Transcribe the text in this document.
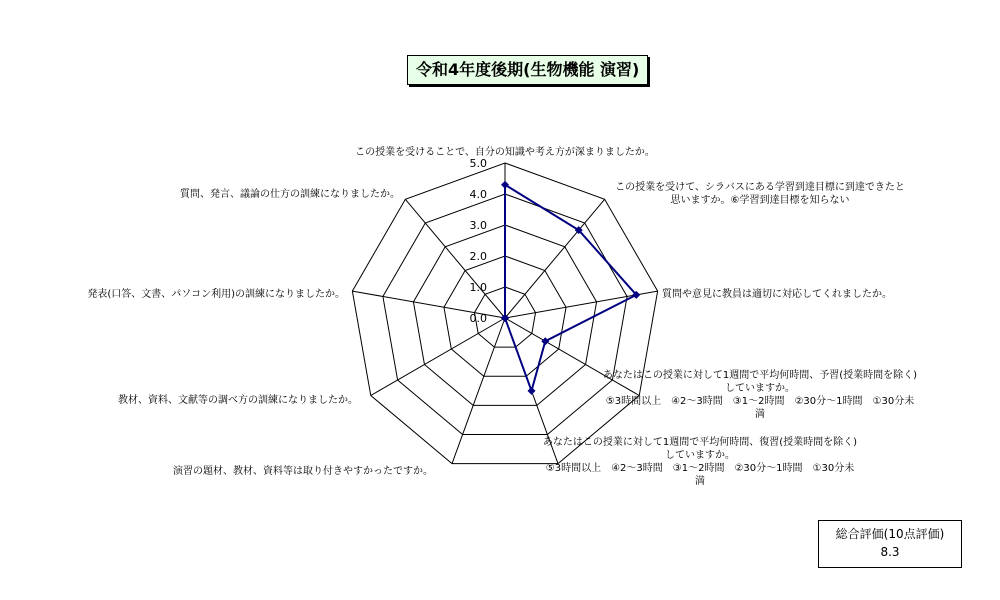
令和4年度後期(生物機能 演習)
0.0
1.0
2.0
3.0
4.0
5.0
この授業を受けることで、自分の知識や考え方が深まりましたか。
この授業を受けて、シラバスにある学習到達目標に到達できたと思いますか。⑥学習到達目標を知らない
質問や意見に教員は適切に対応してくれましたか。
あなたはこの授業に対して1週間で平均何時間、予習(授業時間を除く)していますか。 ⑤3時間以上　④2～3時間　③1～2時間　②30分～1時間　①30分未満
あなたはこの授業に対して1週間で平均何時間、復習(授業時間を除く)していますか。 ⑤3時間以上　④2～3時間　③1～2時間　②30分～1時間　①30分未満
演習の題材、教材、資料等は取り付きやすかったですか。
教材、資料、文献等の調べ方の訓練になりましたか。
発表(口答、文書、パソコン利用)の訓練になりましたか。
質問、発言、議論の仕方の訓練になりましたか。
総合評価(10点評価)
8.3
